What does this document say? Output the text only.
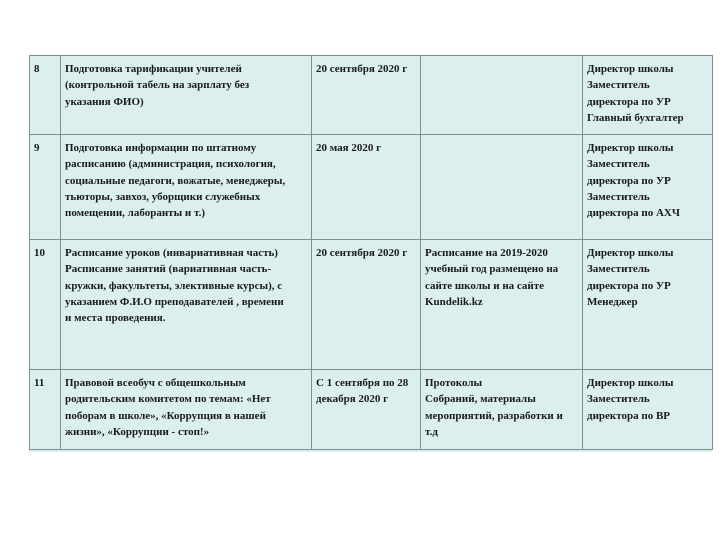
8	Подготовка тарификации учителей
(контрольной табель на зарплату без
указания ФИО)	20 сентября 2020 г		Директор школы
Заместитель
директора по УР
Главный бухгалтер

9	Подготовка информации по штатному
расписанию (администрация, психология,
социальные педагоги, вожатые, менеджеры,
тьюторы, завхоз, уборщики служебных
помещении, лаборанты и т.)	20 мая 2020 г		Директор школы
Заместитель
директора по УР
Заместитель
директора по АХЧ

10	Расписание уроков (инвариативная часть)
Расписание занятий (вариативная часть-
кружки, факультеты, элективные курсы), с
указанием Ф.И.О преподавателей , времени
и места проведения.	20 сентября 2020 г	Расписание на 2019-2020
учебный год размещено на
сайте школы и на сайте
Kundelik.kz	Директор школы
Заместитель
директора по УР
Менеджер

11	Правовой всеобуч с общешкольным
родительским комитетом по темам: «Нет
поборам в школе», «Коррупция в нашей
жизни», «Коррупции - стоп!»	С 1 сентября по 28
декабря 2020 г	Протоколы
Собраний, материалы
мероприятий, разработки и
т.д	Директор школы
Заместитель
директора по ВР
